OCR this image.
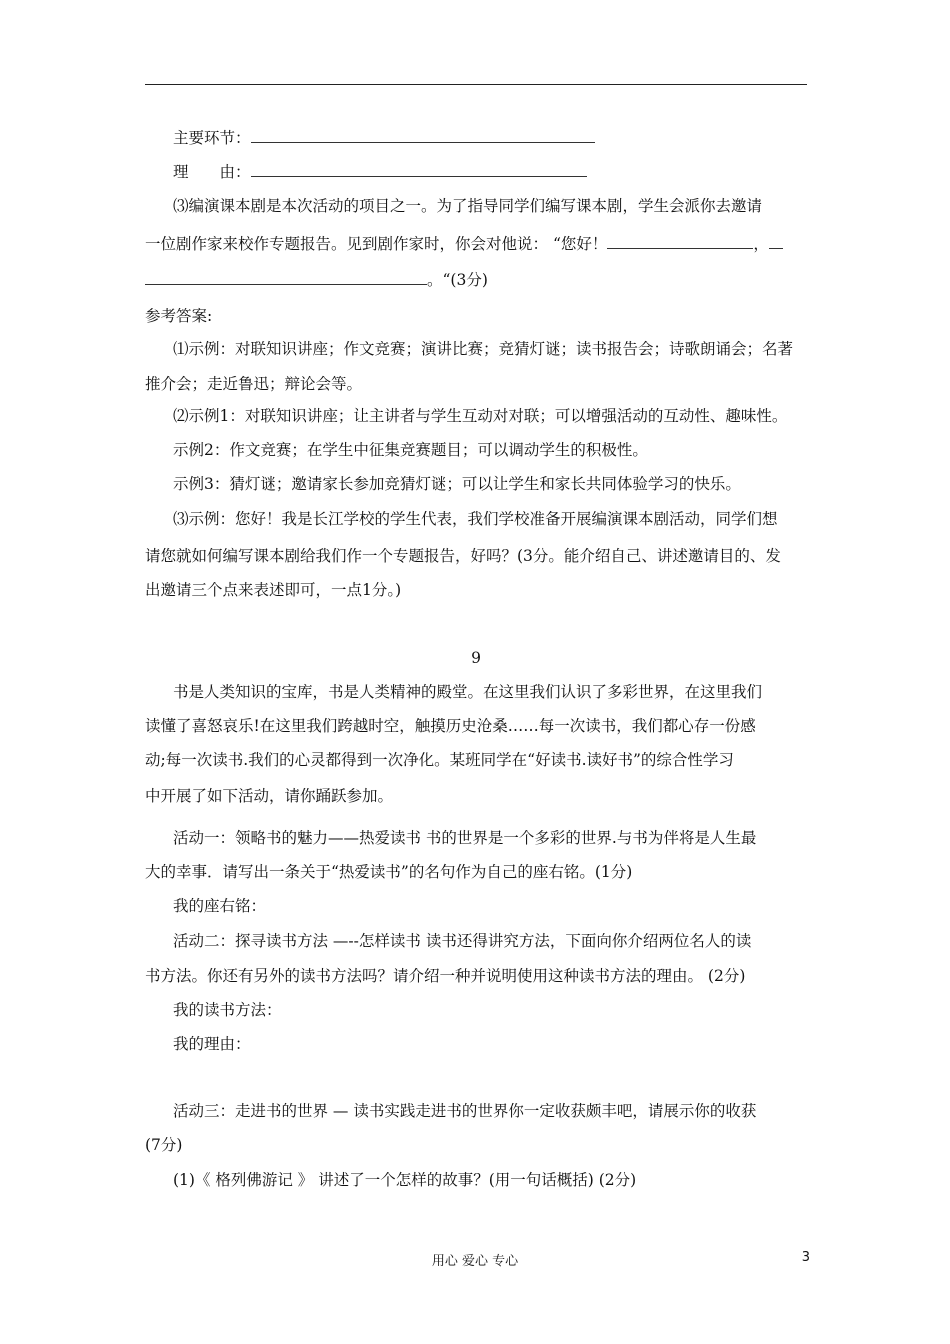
主要环节：
理　　由：
⑶编演课本剧是本次活动的项目之一。为了指导同学们编写课本剧，学生会派你去邀请
一位剧作家来校作专题报告。见到剧作家时，你会对他说： “您好！	，
。“(3分)
参考答案:
⑴示例：对联知识讲座；作文竞赛；演讲比赛；竞猜灯谜；读书报告会；诗歌朗诵会；名著
推介会；走近鲁迅；辩论会等。
⑵示例1：对联知识讲座；让主讲者与学生互动对对联；可以增强活动的互动性、趣味性。
示例2：作文竞赛；在学生中征集竞赛题目；可以调动学生的积极性。
示例3：猜灯谜；邀请家长参加竞猜灯谜；可以让学生和家长共同体验学习的快乐。
⑶示例：您好！我是长江学校的学生代表，我们学校准备开展编演课本剧活动，同学们想
请您就如何编写课本剧给我们作一个专题报告，好吗？(3分。能介绍自己、讲述邀请目的、发
出邀请三个点来表述即可，一点1分。)
9
书是人类知识的宝库，书是人类精神的殿堂。在这里我们认识了多彩世界，在这里我们
读懂了喜怒哀乐!在这里我们跨越时空，触摸历史沧桑……每一次读书，我们都心存一份感
动;每一次读书.我们的心灵都得到一次净化。某班同学在“好读书.读好书”的综合性学习
中开展了如下活动，请你踊跃参加。
活动一：领略书的魅力——热爱读书 书的世界是一个多彩的世界.与书为伴将是人生最
大的幸事．请写出一条关于“热爱读书”的名句作为自己的座右铭。(1分)
我的座右铭：
活动二：探寻读书方法 —--怎样读书 读书还得讲究方法，下面向你介绍两位名人的读
书方法。你还有另外的读书方法吗？请介绍一种并说明使用这种读书方法的理由。 (2分)
我的读书方法：
我的理由：
活动三：走进书的世界 — 读书实践走进书的世界你一定收获颇丰吧，请展示你的收获
(7分)
(1)《 格列佛游记 》 讲述了一个怎样的故事？(用一句话概括) (2分)
用心 爱心 专心	3
